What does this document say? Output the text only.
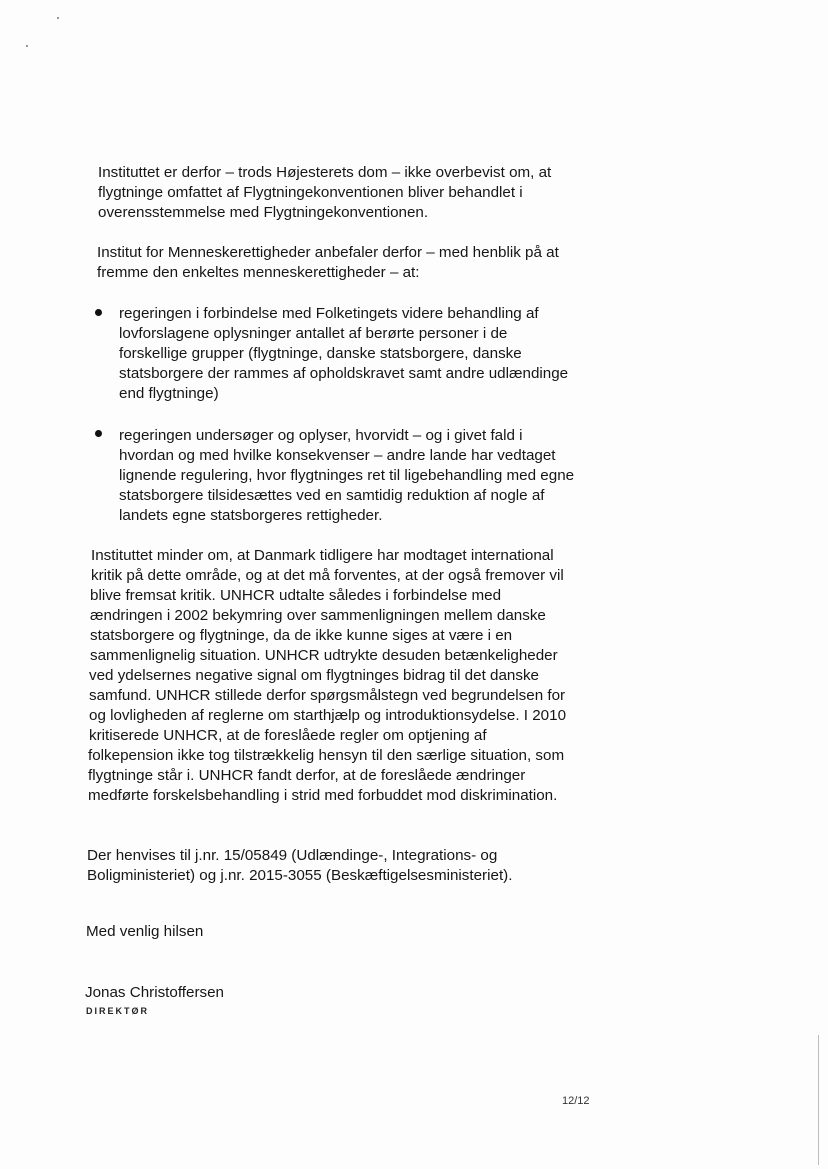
Instituttet er derfor – trods Højesterets dom – ikke overbevist om, at
flygtninge omfattet af Flygtningekonventionen bliver behandlet i
overensstemmelse med Flygtningekonventionen.
Institut for Menneskerettigheder anbefaler derfor – med henblik på at
fremme den enkeltes menneskerettigheder – at:
regeringen i forbindelse med Folketingets videre behandling af
lovforslagene oplysninger antallet af berørte personer i de
forskellige grupper (flygtninge, danske statsborgere, danske
statsborgere der rammes af opholdskravet samt andre udlændinge
end flygtninge)
regeringen undersøger og oplyser, hvorvidt – og i givet fald i
hvordan og med hvilke konsekvenser – andre lande har vedtaget
lignende regulering, hvor flygtninges ret til ligebehandling med egne
statsborgere tilsidesættes ved en samtidig reduktion af nogle af
landets egne statsborgeres rettigheder.
Instituttet minder om, at Danmark tidligere har modtaget international
kritik på dette område, og at det må forventes, at der også fremover vil
blive fremsat kritik. UNHCR udtalte således i forbindelse med
ændringen i 2002 bekymring over sammenligningen mellem danske
statsborgere og flygtninge, da de ikke kunne siges at være i en
sammenlignelig situation. UNHCR udtrykte desuden betænkeligheder
ved ydelsernes negative signal om flygtninges bidrag til det danske
samfund. UNHCR stillede derfor spørgsmålstegn ved begrundelsen for
og lovligheden af reglerne om starthjælp og introduktionsydelse. I 2010
kritiserede UNHCR, at de foreslåede regler om optjening af
folkepension ikke tog tilstrækkelig hensyn til den særlige situation, som
flygtninge står i. UNHCR fandt derfor, at de foreslåede ændringer
medførte forskelsbehandling i strid med forbuddet mod diskrimination.
Der henvises til j.nr. 15/05849 (Udlændinge-, Integrations- og
Boligministeriet) og j.nr. 2015-3055 (Beskæftigelsesministeriet).
Med venlig hilsen
Jonas Christoffersen
DIREKTØR
12/12
